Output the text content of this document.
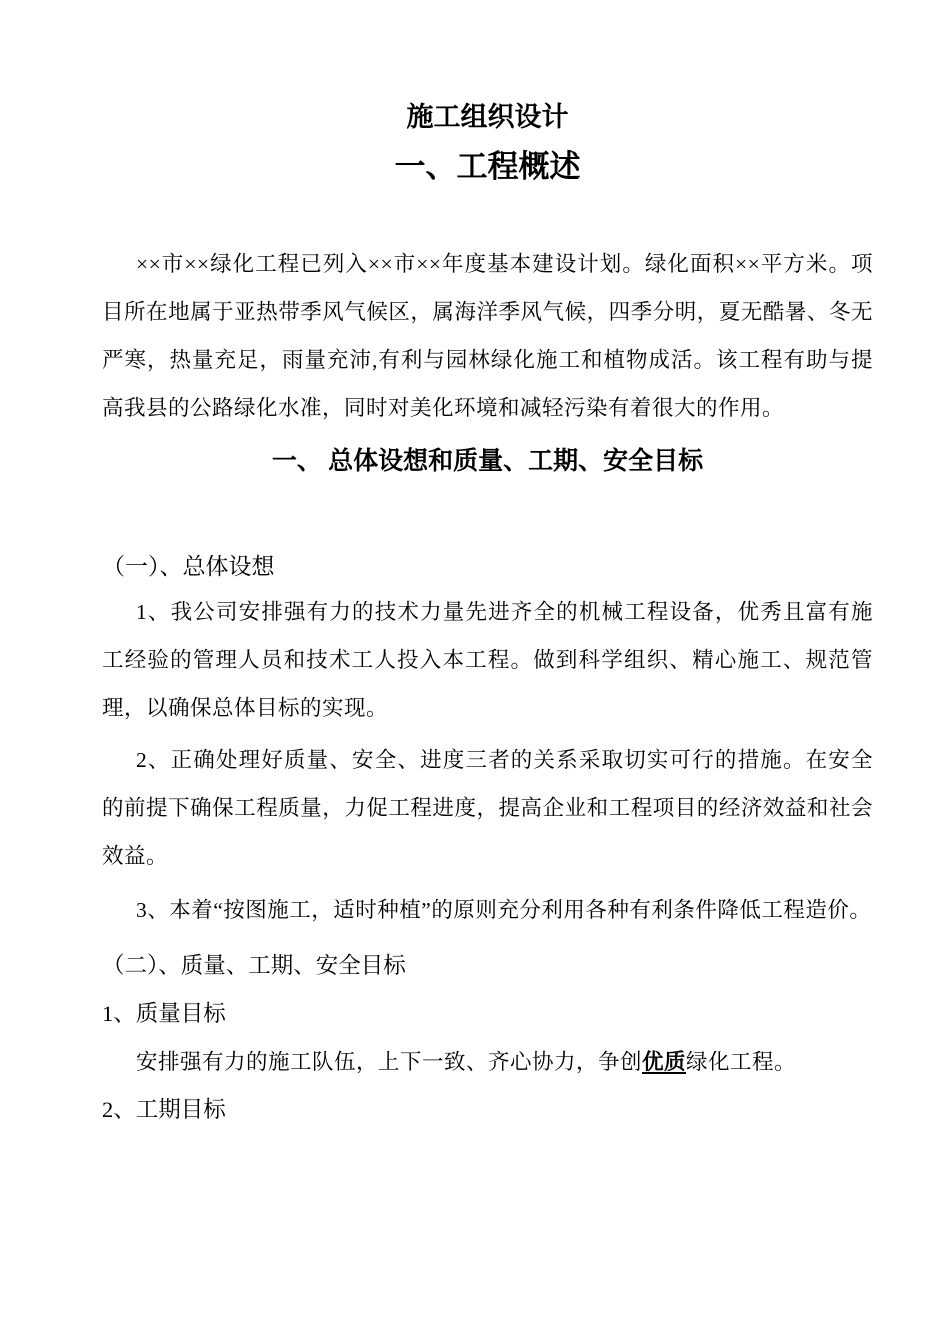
施工组织设计
一、工程概述

××市××绿化工程已列入××市××年度基本建设计划。绿化面积××平方米。项目所在地属于亚热带季风气候区，属海洋季风气候，四季分明，夏无酷暑、冬无严寒，热量充足，雨量充沛,有利与园林绿化施工和植物成活。该工程有助与提高我县的公路绿化水准，同时对美化环境和减轻污染有着很大的作用。

一、 总体设想和质量、工期、安全目标
（一）、总体设想

1、我公司安排强有力的技术力量先进齐全的机械工程设备，优秀且富有施工经验的管理人员和技术工人投入本工程。做到科学组织、精心施工、规范管理，以确保总体目标的实现。

2、正确处理好质量、安全、进度三者的关系采取切实可行的措施。在安全的前提下确保工程质量，力促工程进度，提高企业和工程项目的经济效益和社会效益。

3、本着“按图施工，适时种植”的原则充分利用各种有利条件降低工程造价。

（二）、质量、工期、安全目标
1、质量目标

安排强有力的施工队伍，上下一致、齐心协力，争创优质绿化工程。

2、工期目标
